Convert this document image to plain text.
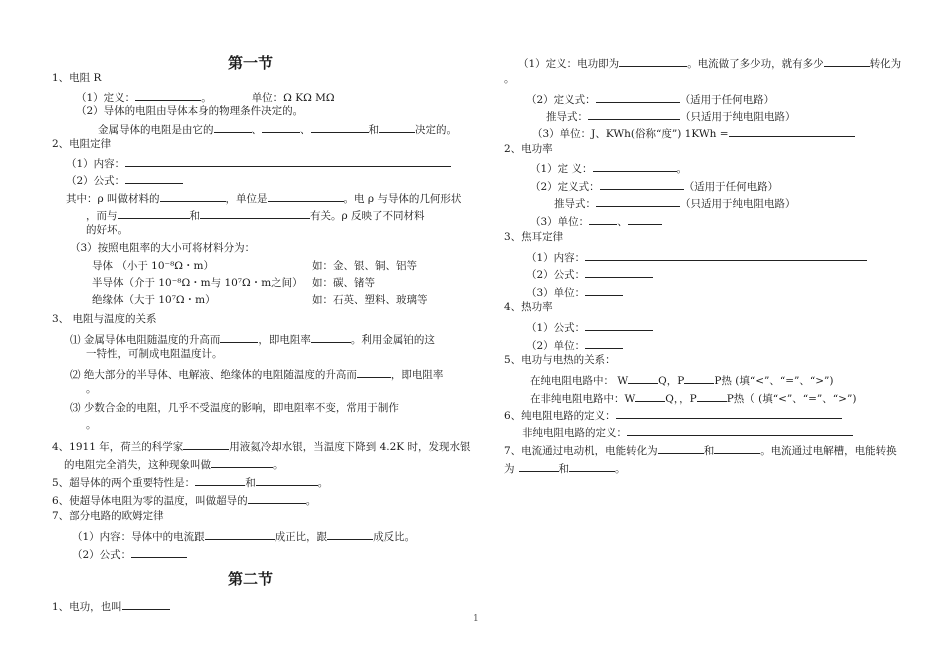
第一节
1、电阻 R
（1）定义：	。	单位：Ω KΩ MΩ
（2）导体的电阻由导体本身的物理条件决定的。
金属导体的电阻是由它的	、	、	和	决定的。
2、电阻定律
（1）内容：
（2）公式：
其中：ρ 叫做材料的	，单位是	。电 ρ 与导体的几何形状
，而与	和	有关。ρ 反映了不同材料
的好坏。
（3）按照电阻率的大小可将材料分为：
导体 （小于 10⁻⁸Ω・m）	如：金、银、铜、铝等
半导体（介于 10⁻⁸Ω・m与 10⁷Ω・m之间） 如：碳、锗等
绝缘体（大于 10⁷Ω・m）	如：石英、塑料、玻璃等
3、 电阻与温度的关系
⑴ 金属导体电阻随温度的升高而	，即电阻率	。利用金属铂的这
一特性，可制成电阻温度计。
⑵ 绝大部分的半导体、电解液、绝缘体的电阻随温度的升高而	，即电阻率
。
⑶ 少数合金的电阻，几乎不受温度的影响，即电阻率不变，常用于制作
。
4、1911 年，荷兰的科学家	用液氦冷却水银，当温度下降到 4.2K 时，发现水银
的电阻完全消失，这种现象叫做	。
5、超导体的两个重要特性是：	和	。
6、使超导体电阻为零的温度，叫做超导的	。
7、部分电路的欧姆定律
（1）内容：导体中的电流跟	成正比，跟	成反比。
（2）公式：
第二节
1、电功，也叫
（1）定义：电功即为	。电流做了多少功，就有多少	转化为
。
（2）定义式：	（适用于任何电路）
推导式：	（只适用于纯电阻电路）
（3）单位：J、KWh(俗称“度”) 1KWh =
2、电功率
（1）定 义：	。
（2）定义式：	（适用于任何电路）
推导式：	（只适用于纯电阻电路）
（3）单位：	、
3、焦耳定律
（1）内容：
（2）公式：
（3）单位：
4、热功率
（1）公式：
（2）单位：
5、电功与电热的关系：
在纯电阻电路中： W	Q，P	P热 (填“<”、“=”、“>”)
在非纯电阻电路中：W	Q，，P	P热（ (填“<”、“=”、“>”)
6、纯电阻电路的定义：
非纯电阻电路的定义：
7、电流通过电动机，电能转化为	和	。电流通过电解槽，电能转换
为	和	。
1
